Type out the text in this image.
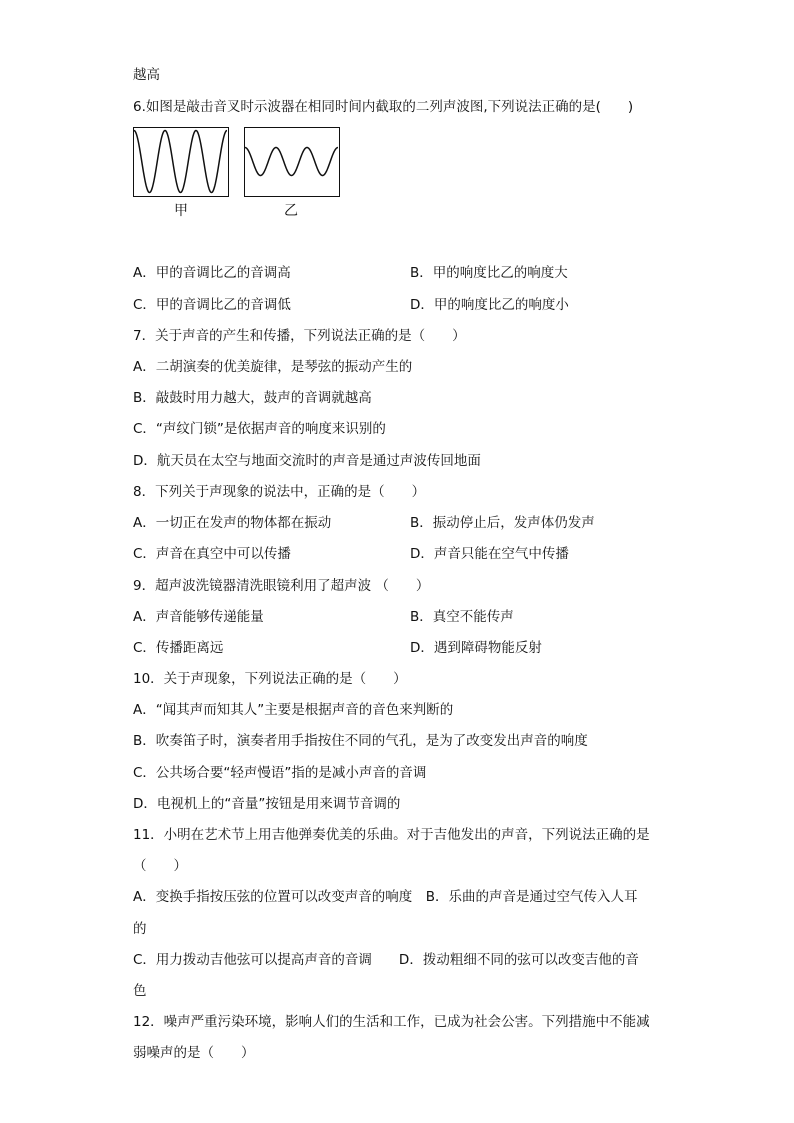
越高
6.如图是敲击音叉时示波器在相同时间内截取的二列声波图,下列说法正确的是(　　)
甲	乙
A．甲的音调比乙的音调高	B．甲的响度比乙的响度大
C．甲的音调比乙的音调低	D．甲的响度比乙的响度小
7．关于声音的产生和传播，下列说法正确的是（　　）
A．二胡演奏的优美旋律，是琴弦的振动产生的
B．敲鼓时用力越大，鼓声的音调就越高
C．“声纹门锁”是依据声音的响度来识别的
D．航天员在太空与地面交流时的声音是通过声波传回地面
8．下列关于声现象的说法中，正确的是（　　）
A．一切正在发声的物体都在振动	B．振动停止后，发声体仍发声
C．声音在真空中可以传播	D．声音只能在空气中传播
9．超声波洗镜器清洗眼镜利用了超声波 （　　）
A．声音能够传递能量	B．真空不能传声
C．传播距离远	D．遇到障碍物能反射
10．关于声现象，下列说法正确的是（　　）
A．“闻其声而知其人”主要是根据声音的音色来判断的
B．吹奏笛子时，演奏者用手指按住不同的气孔，是为了改变发出声音的响度
C．公共场合要“轻声慢语”指的是减小声音的音调
D．电视机上的“音量”按钮是用来调节音调的
11．小明在艺术节上用吉他弹奏优美的乐曲。对于吉他发出的声音，下列说法正确的是
（　　）
A．变换手指按压弦的位置可以改变声音的响度　B．乐曲的声音是通过空气传入人耳
的
C．用力拨动吉他弦可以提高声音的音调　　D．拨动粗细不同的弦可以改变吉他的音
色
12．噪声严重污染环境，影响人们的生活和工作，已成为社会公害。下列措施中不能减
弱噪声的是（　　）
